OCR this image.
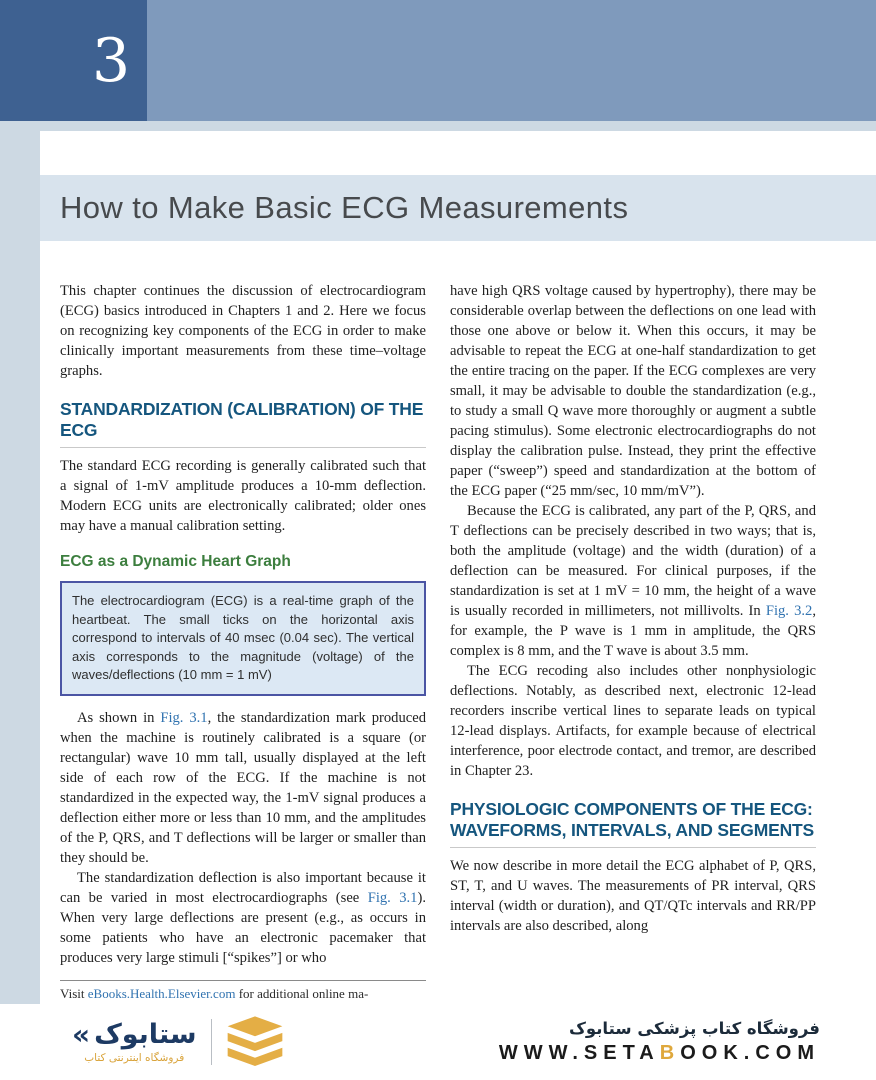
3
How to Make Basic ECG Measurements

This chapter continues the discussion of electrocardiogram (ECG) basics introduced in Chapters 1 and 2. Here we focus on recognizing key components of the ECG in order to make clinically important measurements from these time–voltage graphs.

STANDARDIZATION (CALIBRATION) OF THE ECG

The standard ECG recording is generally calibrated such that a signal of 1-mV amplitude produces a 10-mm deflection. Modern ECG units are electronically calibrated; older ones may have a manual calibration setting.

ECG as a Dynamic Heart Graph

The electrocardiogram (ECG) is a real-time graph of the heartbeat. The small ticks on the horizontal axis correspond to intervals of 40 msec (0.04 sec). The vertical axis corresponds to the magnitude (voltage) of the waves/deflections (10 mm = 1 mV)

As shown in Fig. 3.1, the standardization mark produced when the machine is routinely calibrated is a square (or rectangular) wave 10 mm tall, usually displayed at the left side of each row of the ECG. If the machine is not standardized in the expected way, the 1-mV signal produces a deflection either more or less than 10 mm, and the amplitudes of the P, QRS, and T deflections will be larger or smaller than they should be.

The standardization deflection is also important because it can be varied in most electrocardiographs (see Fig. 3.1). When very large deflections are present (e.g., as occurs in some patients who have an electronic pacemaker that produces very large stimuli [“spikes”] or who

Visit eBooks.Health.Elsevier.com for additional online ma-

have high QRS voltage caused by hypertrophy), there may be considerable overlap between the deflections on one lead with those one above or below it. When this occurs, it may be advisable to repeat the ECG at one-half standardization to get the entire tracing on the paper. If the ECG complexes are very small, it may be advisable to double the standardization (e.g., to study a small Q wave more thoroughly or augment a subtle pacing stimulus). Some electronic electrocardiographs do not display the calibration pulse. Instead, they print the effective paper (“sweep”) speed and standardization at the bottom of the ECG paper (“25 mm/sec, 10 mm/mV”).

Because the ECG is calibrated, any part of the P, QRS, and T deflections can be precisely described in two ways; that is, both the amplitude (voltage) and the width (duration) of a deflection can be measured. For clinical purposes, if the standardization is set at 1 mV = 10 mm, the height of a wave is usually recorded in millimeters, not millivolts. In Fig. 3.2, for example, the P wave is 1 mm in amplitude, the QRS complex is 8 mm, and the T wave is about 3.5 mm.

The ECG recoding also includes other nonphysiologic deflections. Notably, as described next, electronic 12-lead recorders inscribe vertical lines to separate leads on typical 12-lead displays. Artifacts, for example because of electrical interference, poor electrode contact, and tremor, are described in Chapter 23.

PHYSIOLOGIC COMPONENTS OF THE ECG: WAVEFORMS, INTERVALS, AND SEGMENTS

We now describe in more detail the ECG alphabet of P, QRS, ST, T, and U waves. The measurements of PR interval, QRS interval (width or duration), and QT/QTc intervals and RR/PP intervals are also described, along

« ستابوک
فروشگاه اینترنتی کتاب
فروشگاه کتاب پزشکی ستابوک
WWW.SETABOOK.COM
